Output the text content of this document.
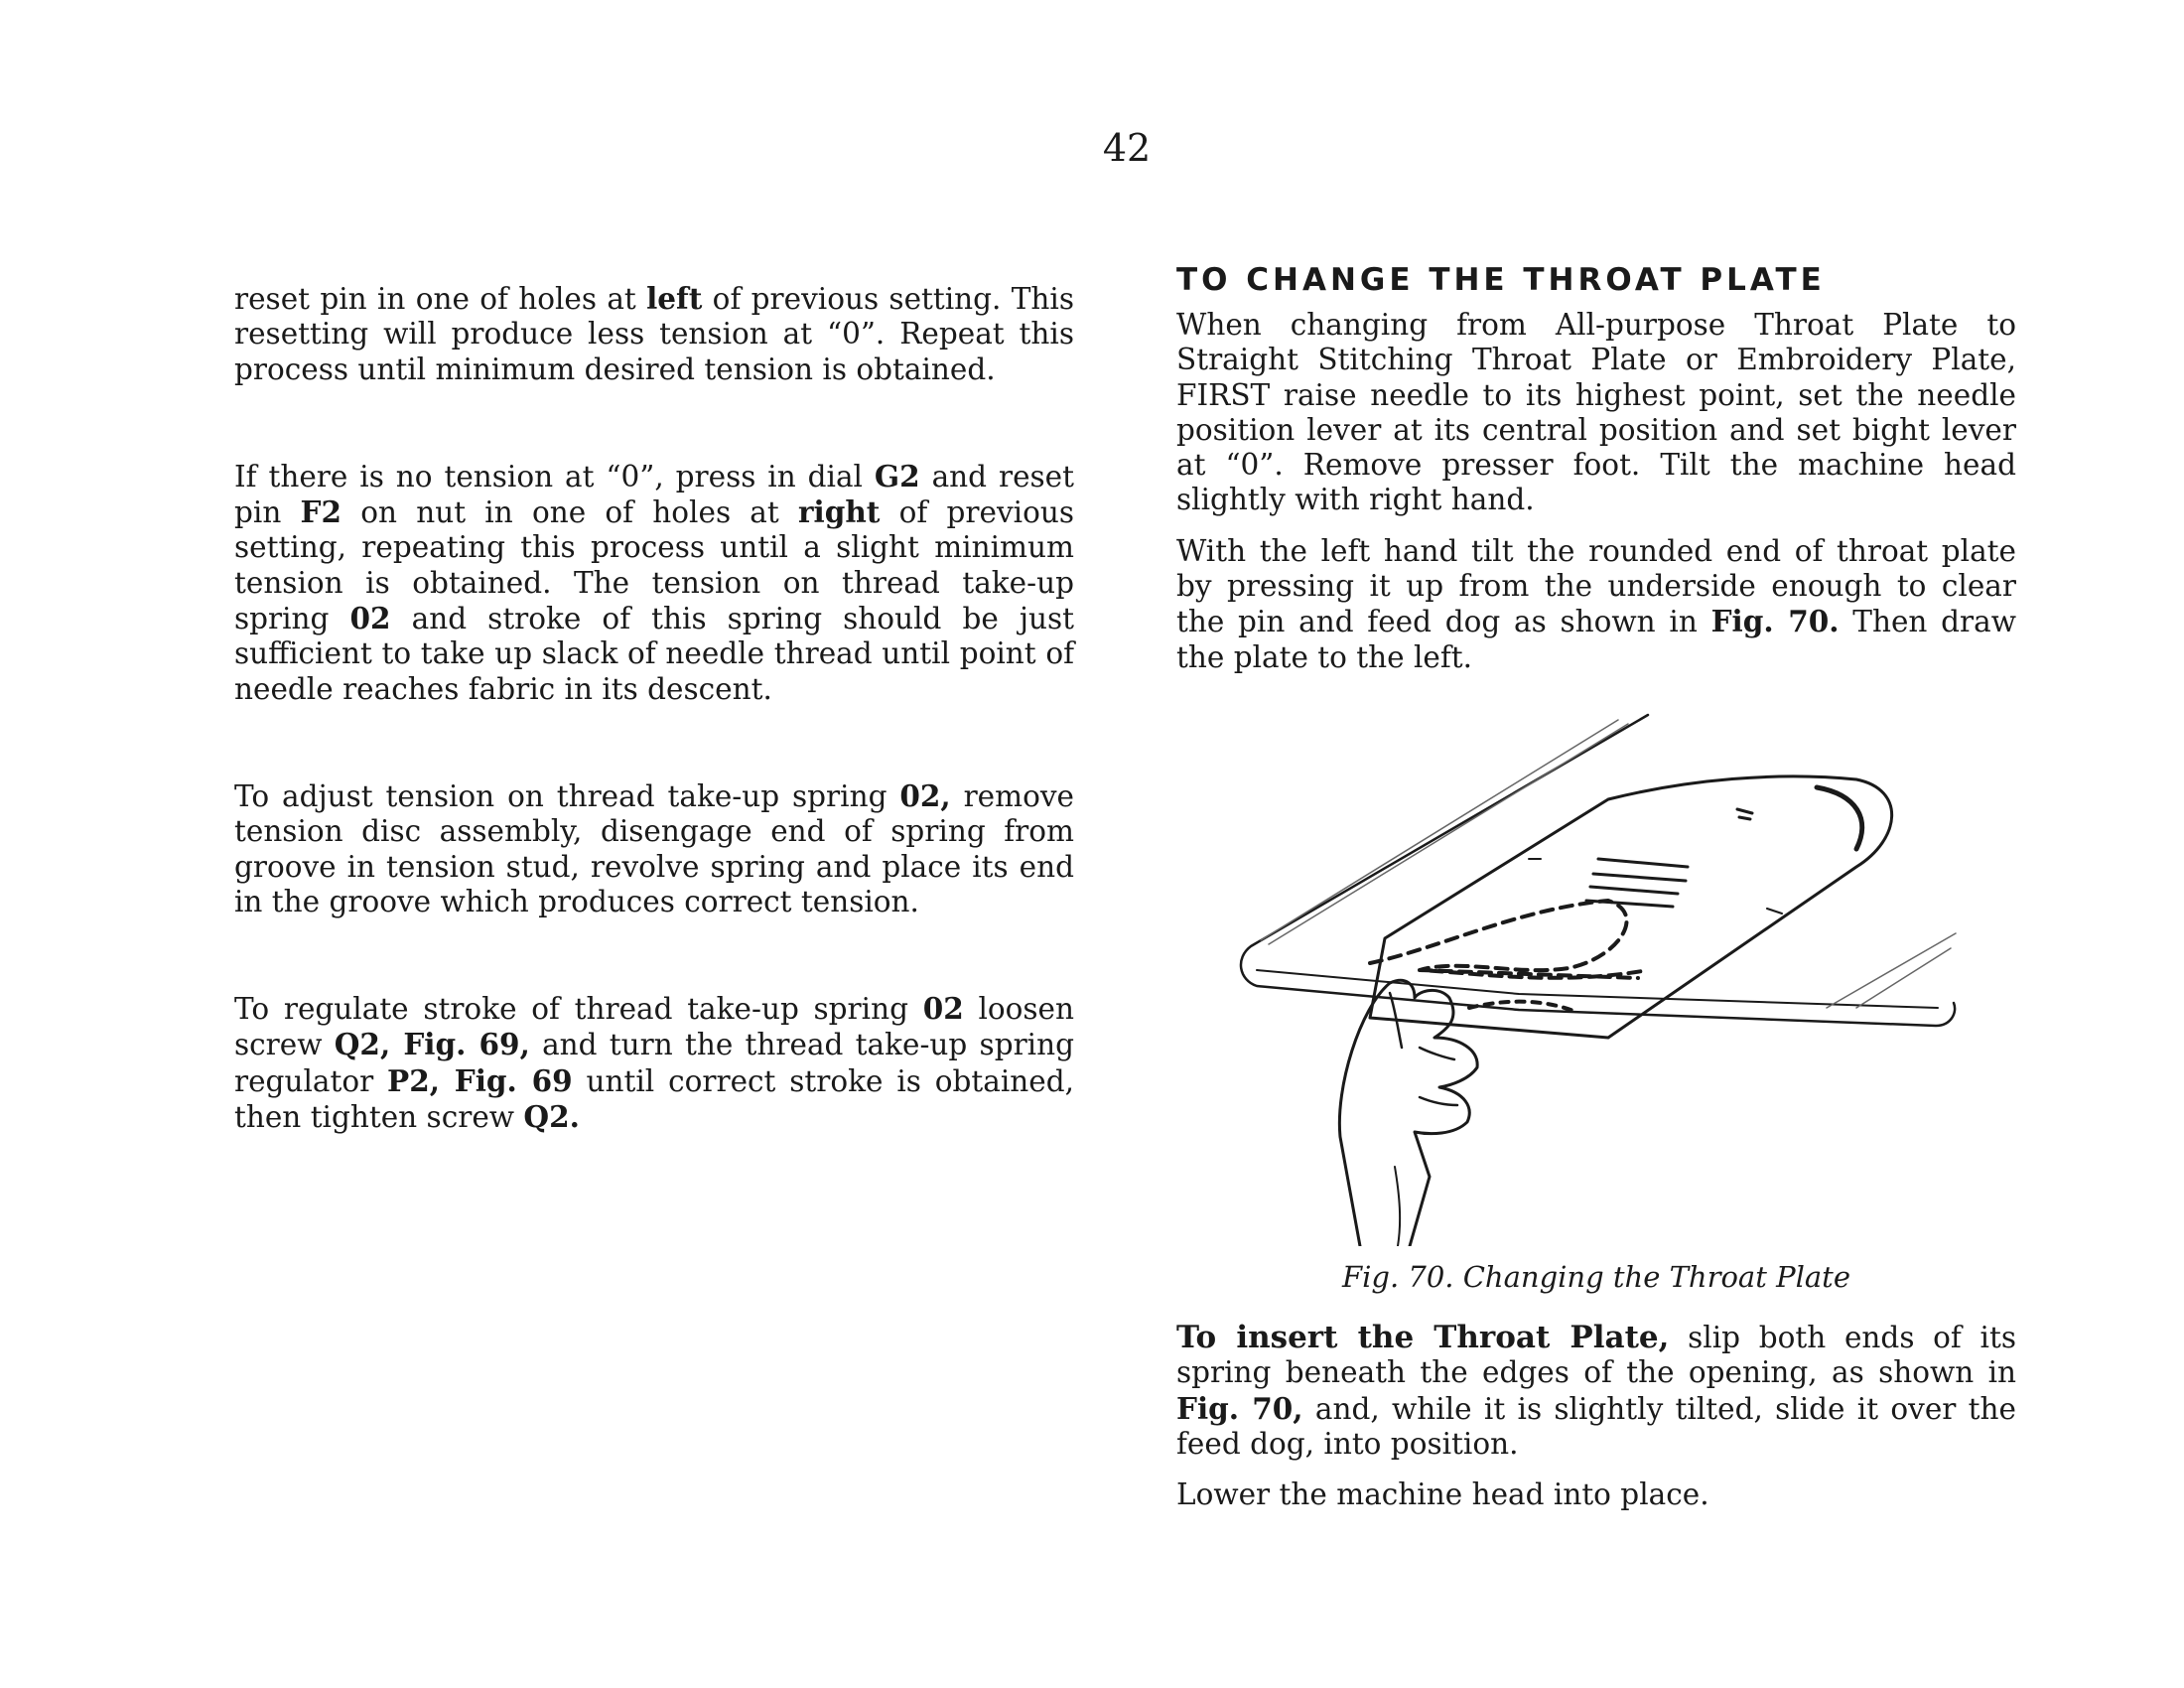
42

reset pin in one of holes at left of previous setting. This resetting will produce less tension at “0”. Repeat this process until minimum desired tension is obtained.

If there is no tension at “0”, press in dial G2 and reset pin F2 on nut in one of holes at right of previous setting, repeating this process until a slight minimum tension is obtained. The tension on thread take-up spring 02 and stroke of this spring should be just sufficient to take up slack of needle thread until point of needle reaches fabric in its descent.

To adjust tension on thread take-up spring 02, remove tension disc assembly, disengage end of spring from groove in tension stud, revolve spring and place its end in the groove which produces correct tension.

To regulate stroke of thread take-up spring 02 loosen screw Q2, Fig. 69, and turn the thread take-up spring regulator P2, Fig. 69 until correct stroke is obtained, then tighten screw Q2.

TO CHANGE THE THROAT PLATE

When changing from All-purpose Throat Plate to Straight Stitching Throat Plate or Embroidery Plate, FIRST raise needle to its highest point, set the needle position lever at its central position and set bight lever at “0”. Remove presser foot. Tilt the machine head slightly with right hand.

With the left hand tilt the rounded end of throat plate by pressing it up from the underside enough to clear the pin and feed dog as shown in Fig. 70. Then draw the plate to the left.

Fig. 70. Changing the Throat Plate

To insert the Throat Plate, slip both ends of its spring beneath the edges of the opening, as shown in Fig. 70, and, while it is slightly tilted, slide it over the feed dog, into position.

Lower the machine head into place.
